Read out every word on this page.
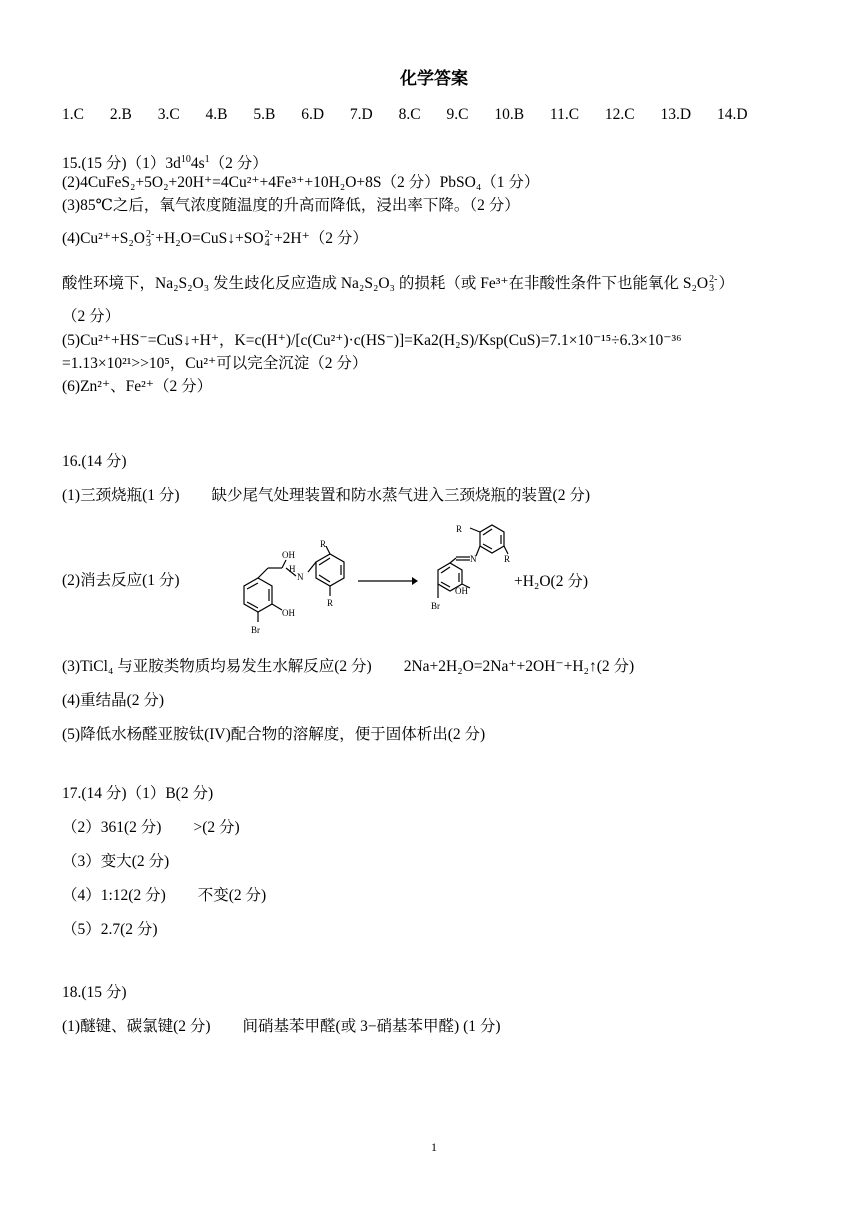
化学答案
1.C 2.B 3.C 4.B 5.B 6.D 7.D 8.C 9.C 10.B 11.C 12.C 13.D 14.D
15.(15 分)$(1)3d^{10}4s^1(2$ 分）
(2)4CuFeS₂+5O₂+20H⁺=4Cu²⁺+4Fe³⁺+10H₂O+8S（2 分）PbSO₄（1 分）
(3)85℃之后，氧气浓度随温度的升高而降低，浸出率下降。（2 分）
(4)Cu²⁺+S₂O 2-
3 +H₂O=CuS↓+SO 2-
4 +2H⁺（2 分）
酸性环境下，Na₂S₂O₃ 发生歧化反应造成 Na₂S₂O₃ 的损耗（或 Fe³⁺在非酸性条件下也能氧化 S₂O 2-
3 ）
（2 分）
(5)Cu²⁺+HS⁻=CuS↓+H⁺，K=c(H⁺)/[c(Cu²⁺)·c(HS⁻)]=Ka2(H₂S)/Ksp(CuS)=7.1×10⁻¹⁵÷6.3×10⁻³⁶
=1.13×10²¹>>10⁵，Cu²⁺可以完全沉淀（2 分）
(6)Zn²⁺、Fe²⁺（2 分）
16.(14 分)
(1)三颈烧瓶(1 分) 缺少尾气处理装置和防水蒸气进入三颈烧瓶的装置(2 分)
(2)消去反应(1 分)
OH
H
N
R
R
OH
Br
R
N	R
OH
Br
+H₂O(2 分)
(3)TiCl₄ 与亚胺类物质均易发生水解反应(2 分) 2Na+2H₂O=2Na⁺+2OH⁻+H₂↑(2 分)
(4)重结晶(2 分)
(5)降低水杨醛亚胺钛(IV)配合物的溶解度，便于固体析出(2 分)
17.(14 分)（1）B(2 分)
（2）361(2 分) >(2 分)
（3）变大(2 分)
（4）1:12(2 分) 不变(2 分)
（5）2.7(2 分)
18.(15 分)
(1)醚键、碳氯键(2 分) 间硝基苯甲醛(或 3−硝基苯甲醛) (1 分)
1
